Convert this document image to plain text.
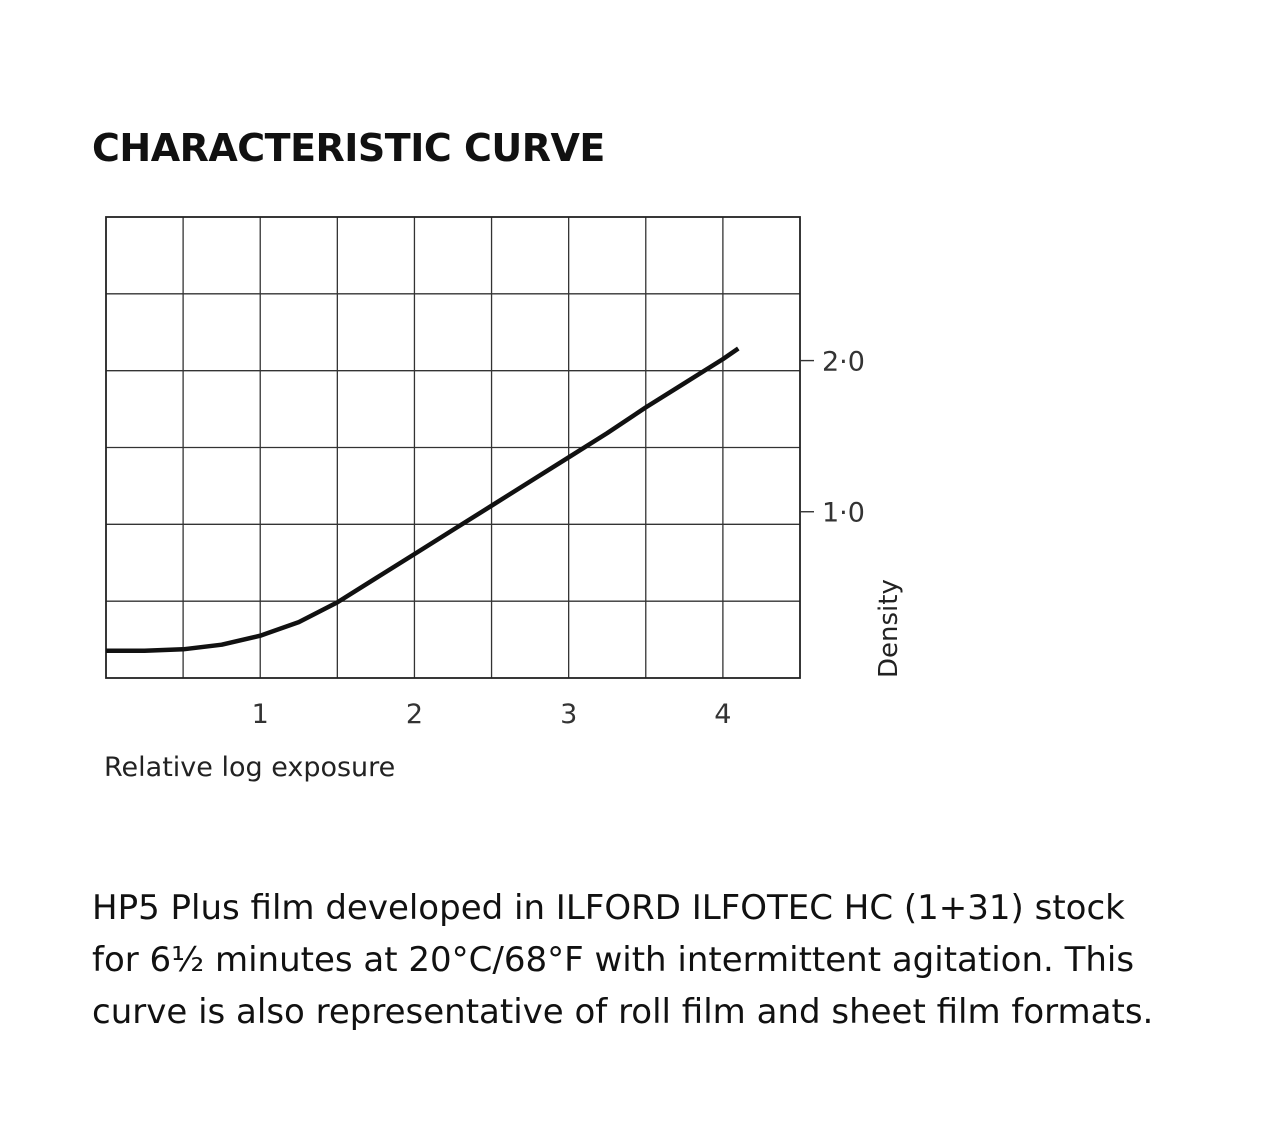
CHARACTERISTIC CURVE
1	2	3	4
1·0
2·0
Relative log exposure
Density
HP5 Plus film developed in ILFORD ILFOTEC HC (1+31) stock
for 6½ minutes at 20°C/68°F with intermittent agitation. This
curve is also representative of roll film and sheet film formats.
